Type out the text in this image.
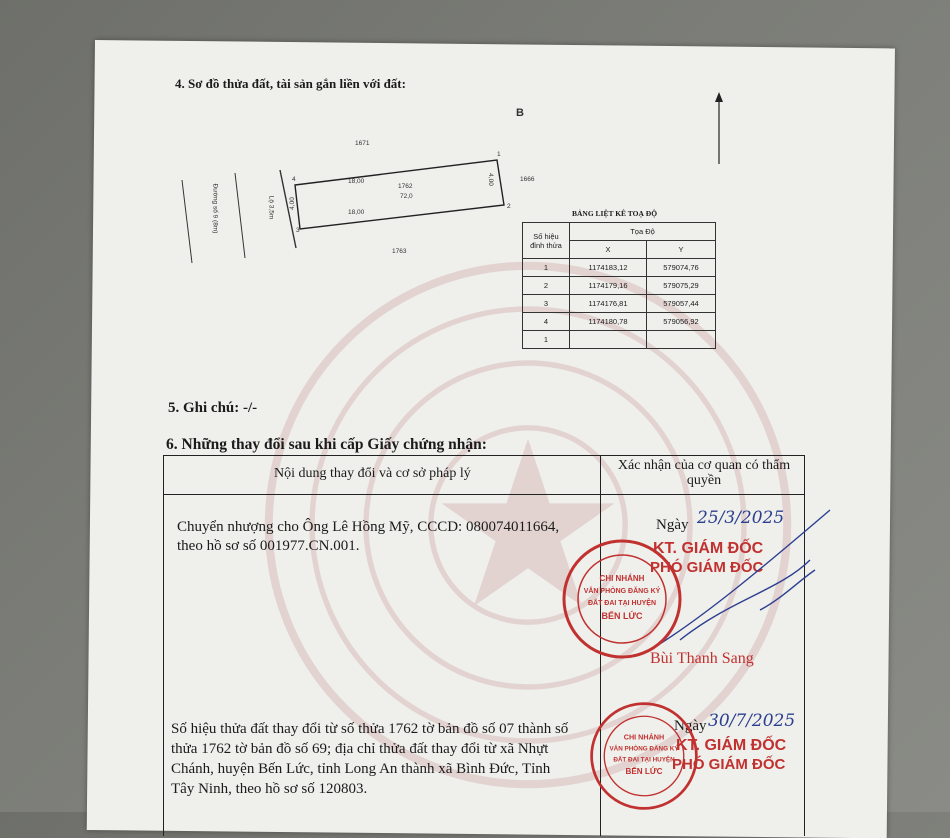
4. Sơ đồ thửa đất, tài sản gắn liền với đất:
B
1671
1666
1763
1762
72,0
18,00
18,00
4,00
4,00
Đường số 9 (8m)	Lộ 3,5m
1
2
3
4
BẢNG LIỆT KÊ TOẠ ĐỘ
Số hiệu đỉnh thửa	Tọa Độ	
	X	Y
1	1174183,12	579074,76
2	1174179,16	579075,29
3	1174176,81	579057,44
4	1174180,78	579056,92
1		
5. Ghi chú: -/-
6. Những thay đổi sau khi cấp Giấy chứng nhận:
Nội dung thay đổi và cơ sở pháp lý
Xác nhận của cơ quan có thẩm quyền
Chuyển nhượng cho Ông Lê Hồng Mỹ, CCCD: 080074011664,
theo hồ sơ số 001977.CN.001.
Ngày 25/3/2025
KT. GIÁM ĐỐC
PHÓ GIÁM ĐỐC
Bùi Thanh Sang
CHI NHÁNH
VĂN PHÒNG ĐĂNG KÝ
ĐẤT ĐAI TẠI HUYỆN
BẾN LỨC
Số hiệu thửa đất thay đổi từ số thửa 1762 tờ bản đồ số 07 thành số
thửa 1762 tờ bản đồ số 69; địa chỉ thửa đất thay đổi từ xã Nhựt
Chánh, huyện Bến Lức, tỉnh Long An thành xã Bình Đức, Tỉnh
Tây Ninh, theo hồ sơ số 120803.
Ngày 30/7/2025
KT. GIÁM ĐỐC
PHÓ GIÁM ĐỐC
CHI NHÁNH
VĂN PHÒNG ĐĂNG KÝ
ĐẤT ĐAI TẠI HUYỆN
BẾN LỨC
